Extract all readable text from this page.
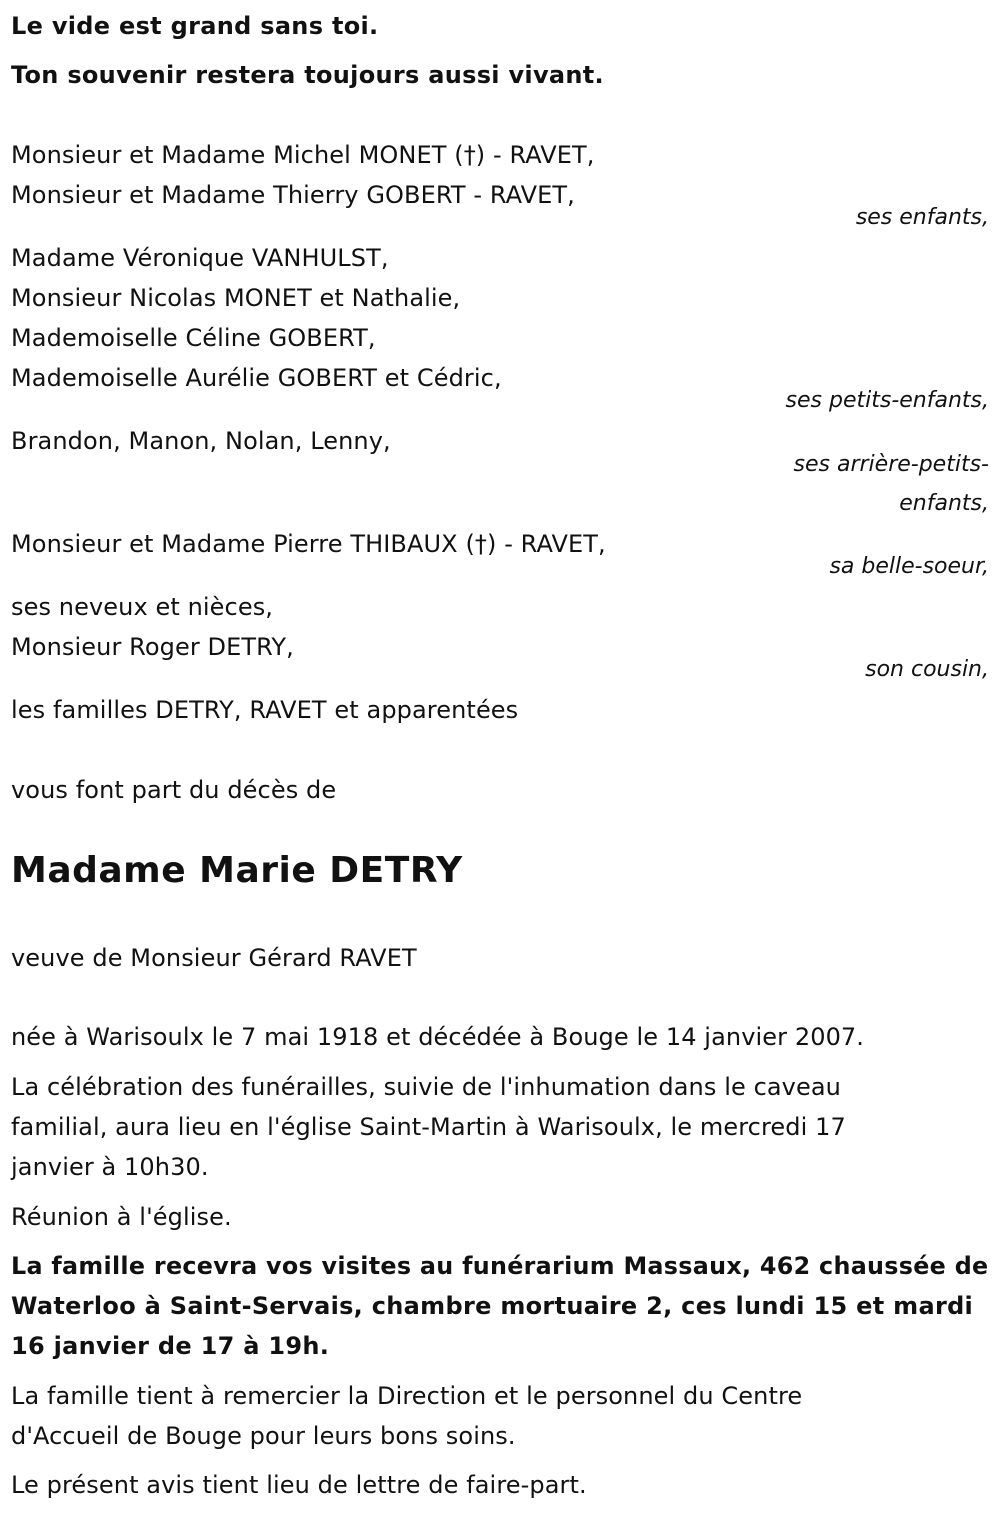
Le vide est grand sans toi.
Ton souvenir restera toujours aussi vivant.
Monsieur et Madame Michel MONET (†) - RAVET,
Monsieur et Madame Thierry GOBERT - RAVET,
ses enfants,
Madame Véronique VANHULST,
Monsieur Nicolas MONET et Nathalie,
Mademoiselle Céline GOBERT,
Mademoiselle Aurélie GOBERT et Cédric,
ses petits-enfants,
Brandon, Manon, Nolan, Lenny,
ses arrière-petits-
enfants,
Monsieur et Madame Pierre THIBAUX (†) - RAVET,
sa belle-soeur,
ses neveux et nièces,
Monsieur Roger DETRY,
son cousin,
les familles DETRY, RAVET et apparentées
vous font part du décès de
Madame Marie DETRY
veuve de Monsieur Gérard RAVET
née à Warisoulx le 7 mai 1918 et décédée à Bouge le 14 janvier 2007.
La célébration des funérailles, suivie de l'inhumation dans le caveau
familial, aura lieu en l'église Saint-Martin à Warisoulx, le mercredi 17
janvier à 10h30.
Réunion à l'église.
La famille recevra vos visites au funérarium Massaux, 462 chaussée de
Waterloo à Saint-Servais, chambre mortuaire 2, ces lundi 15 et mardi
16 janvier de 17 à 19h.
La famille tient à remercier la Direction et le personnel du Centre
d'Accueil de Bouge pour leurs bons soins.
Le présent avis tient lieu de lettre de faire-part.
